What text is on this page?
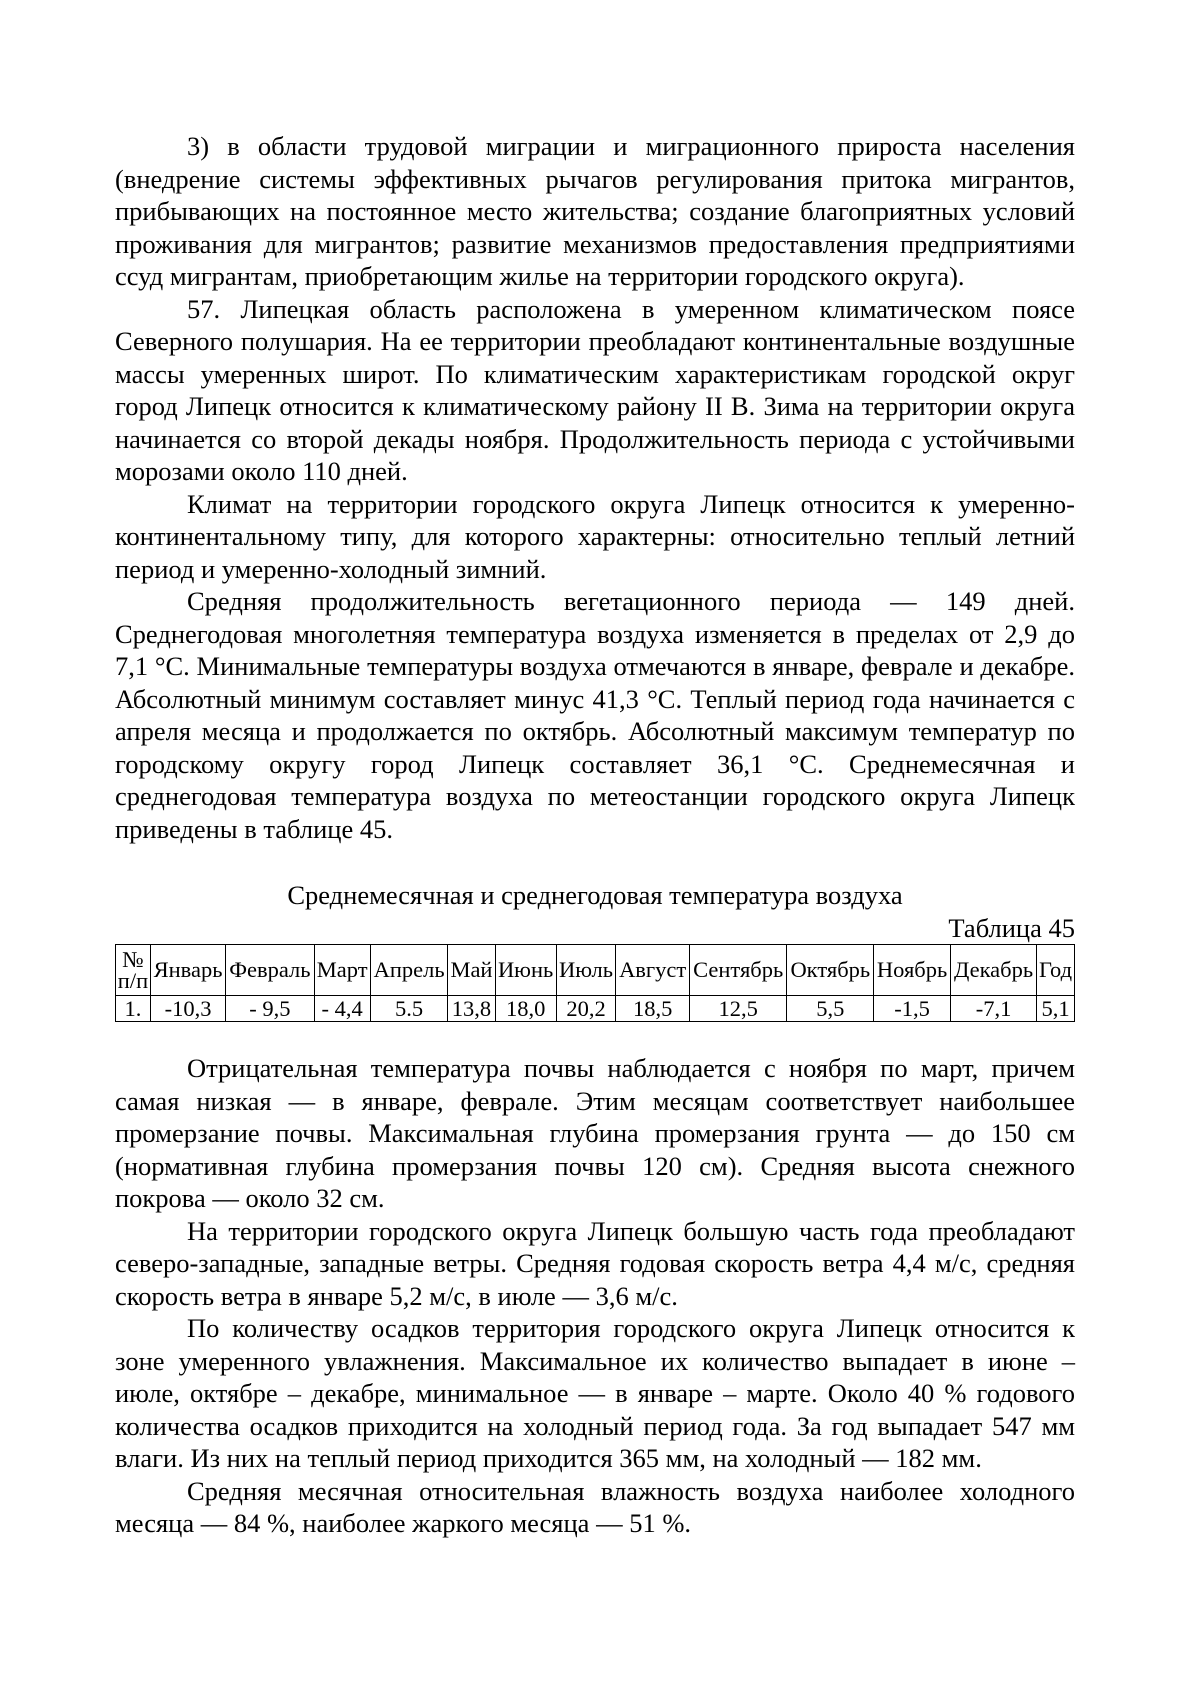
3) в области трудовой миграции и миграционного прироста населения (внедрение системы эффективных рычагов регулирования притока мигрантов, прибывающих на постоянное место жительства; создание благоприятных условий проживания для мигрантов; развитие механизмов предоставления предприятиями ссуд мигрантам, приобретающим жилье на территории городского округа).

57. Липецкая область расположена в умеренном климатическом поясе Северного полушария. На ее территории преобладают континентальные воздушные массы умеренных широт. По климатическим характеристикам городской округ город Липецк относится к климатическому району II В. Зима на территории округа начинается со второй декады ноября. Продолжительность периода с устойчивыми морозами около 110 дней.

Климат на территории городского округа Липецк относится к умеренно-континентальному типу, для которого характерны: относительно теплый летний период и умеренно-холодный зимний.

Средняя продолжительность вегетационного периода — 149 дней. Среднегодовая многолетняя температура воздуха изменяется в пределах от 2,9 до 7,1 °С. Минимальные температуры воздуха отмечаются в январе, феврале и декабре. Абсолютный минимум составляет минус 41,3 °С. Теплый период года начинается с апреля месяца и продолжается по октябрь. Абсолютный максимум температур по городскому округу город Липецк составляет 36,1 °С. Среднемесячная и среднегодовая температура воздуха по метеостанции городского округа Липецк приведены в таблице 45.

Среднемесячная и среднегодовая температура воздуха

Таблица 45

№
п/п	Январь	Февраль	Март	Апрель	Май	Июнь	Июль	Август	Сентябрь	Октябрь	Ноябрь	Декабрь	Год
1.	-10,3	- 9,5	- 4,4	5.5	13,8	18,0	20,2	18,5	12,5	5,5	-1,5	-7,1	5,1

Отрицательная температура почвы наблюдается с ноября по март, причем самая низкая — в январе, феврале. Этим месяцам соответствует наибольшее промерзание почвы. Максимальная глубина промерзания грунта — до 150 см (нормативная глубина промерзания почвы 120 см). Средняя высота снежного покрова — около 32 см.

На территории городского округа Липецк большую часть года преобладают северо-западные, западные ветры. Средняя годовая скорость ветра 4,4 м/с, средняя скорость ветра в январе 5,2 м/с, в июле — 3,6 м/с.

По количеству осадков территория городского округа Липецк относится к зоне умеренного увлажнения. Максимальное их количество выпадает в июне – июле, октябре – декабре, минимальное — в январе – марте. Около 40 % годового количества осадков приходится на холодный период года. За год выпадает 547 мм влаги. Из них на теплый период приходится 365 мм, на холодный — 182 мм.

Средняя месячная относительная влажность воздуха наиболее холодного месяца — 84 %, наиболее жаркого месяца — 51 %.
